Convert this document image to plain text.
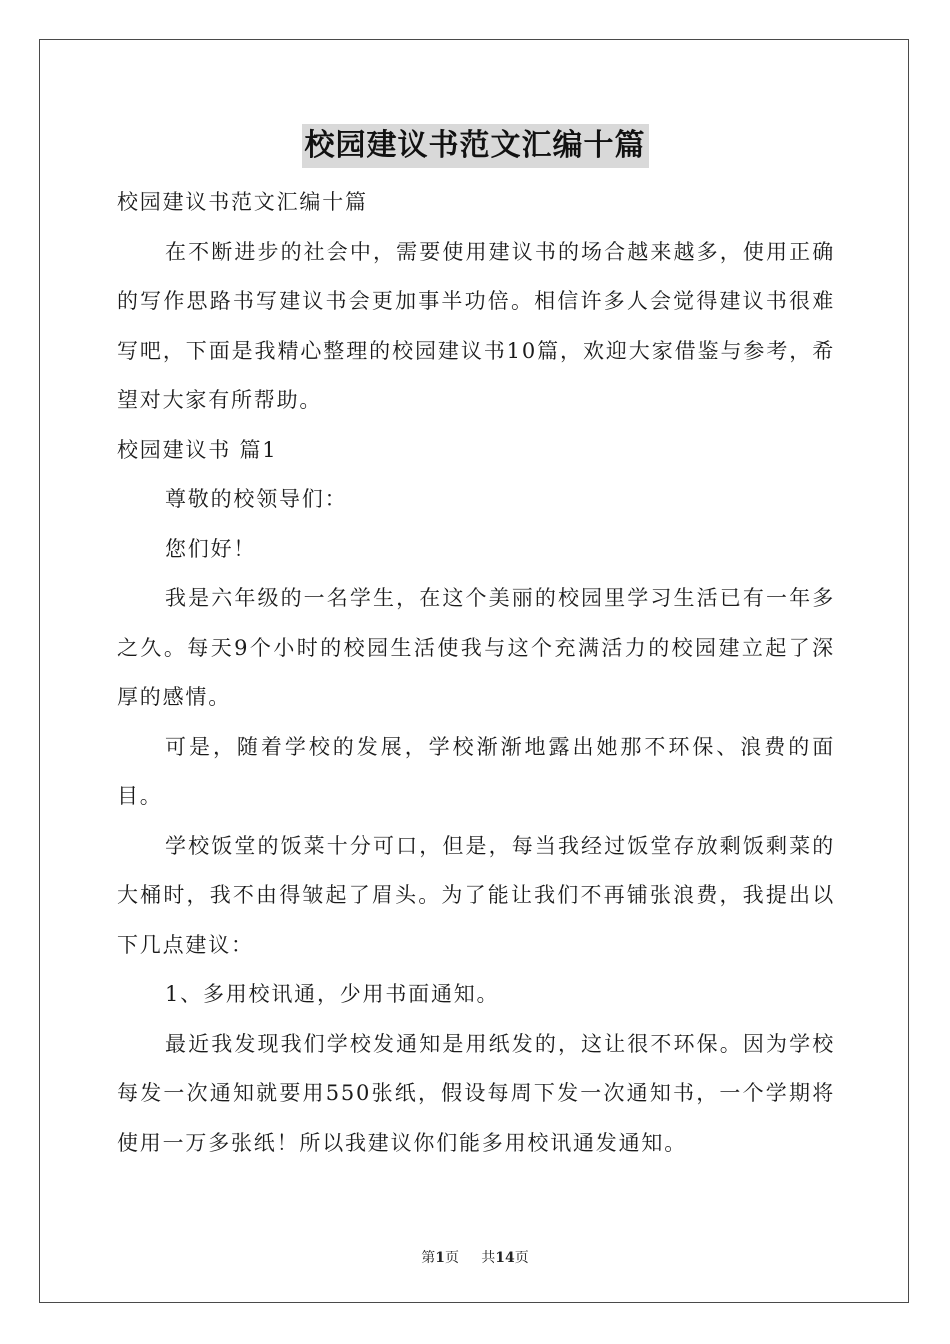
校园建议书范文汇编十篇

校园建议书范文汇编十篇

在不断进步的社会中，需要使用建议书的场合越来越多，使用正确的写作思路书写建议书会更加事半功倍。相信许多人会觉得建议书很难写吧，下面是我精心整理的校园建议书10篇，欢迎大家借鉴与参考，希望对大家有所帮助。

校园建议书 篇1

尊敬的校领导们：

您们好！

我是六年级的一名学生，在这个美丽的校园里学习生活已有一年多之久。每天9个小时的校园生活使我与这个充满活力的校园建立起了深厚的感情。

可是，随着学校的发展，学校渐渐地露出她那不环保、浪费的面目。

学校饭堂的饭菜十分可口，但是，每当我经过饭堂存放剩饭剩菜的大桶时，我不由得皱起了眉头。为了能让我们不再铺张浪费，我提出以下几点建议：

1、多用校讯通，少用书面通知。

最近我发现我们学校发通知是用纸发的，这让很不环保。因为学校每发一次通知就要用550张纸，假设每周下发一次通知书，一个学期将使用一万多张纸！所以我建议你们能多用校讯通发通知。

第1页 共14页
